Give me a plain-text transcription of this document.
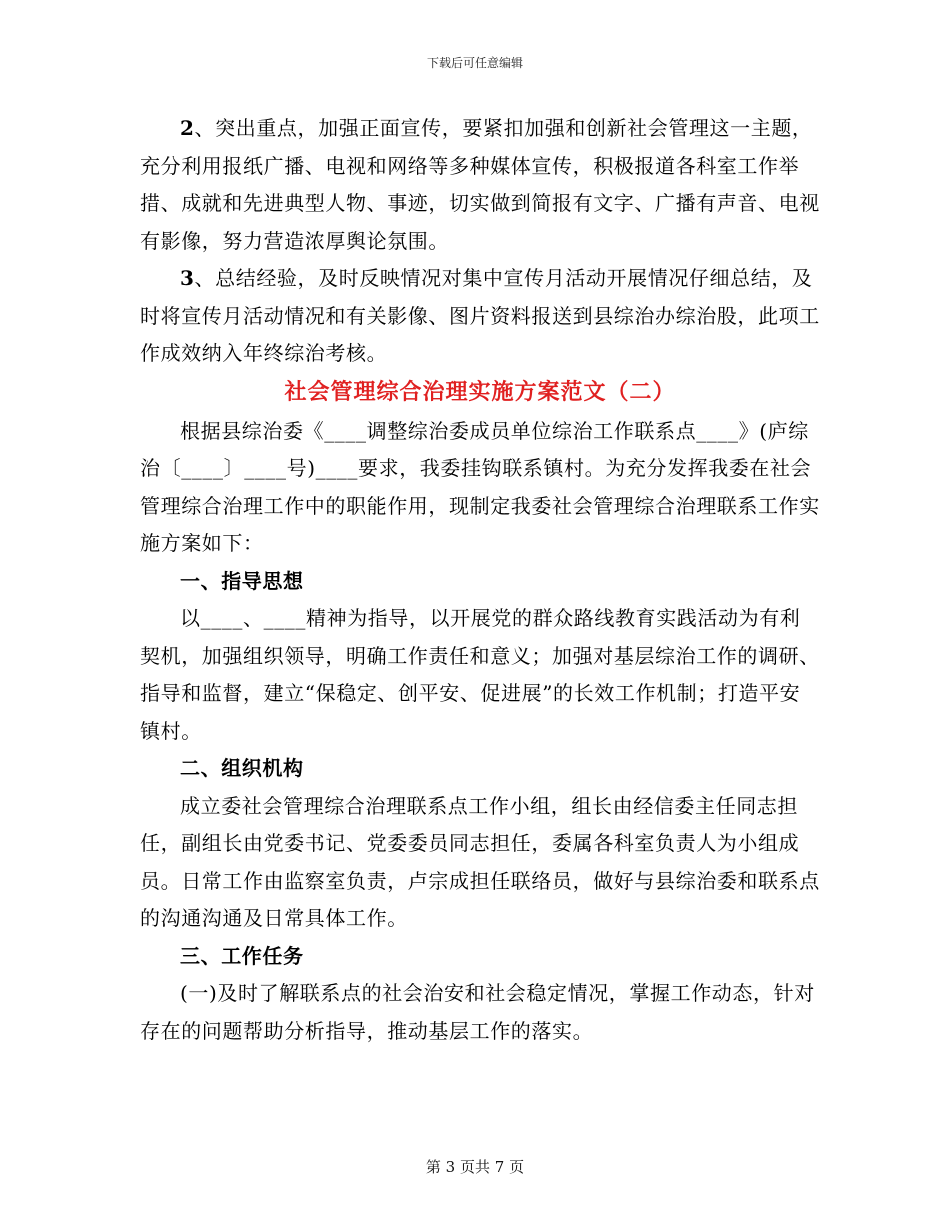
下载后可任意编辑

2、突出重点，加强正面宣传，要紧扣加强和创新社会管理这一主题，充分利用报纸广播、电视和网络等多种媒体宣传，积极报道各科室工作举措、成就和先进典型人物、事迹，切实做到简报有文字、广播有声音、电视有影像，努力营造浓厚舆论氛围。

3、总结经验，及时反映情况对集中宣传月活动开展情况仔细总结，及时将宣传月活动情况和有关影像、图片资料报送到县综治办综治股，此项工作成效纳入年终综治考核。

社会管理综合治理实施方案范文（二）

根据县综治委《____调整综治委成员单位综治工作联系点____》(庐综治〔____〕____号)____要求，我委挂钩联系镇村。为充分发挥我委在社会管理综合治理工作中的职能作用，现制定我委社会管理综合治理联系工作实施方案如下：

一、指导思想

以____、____精神为指导，以开展党的群众路线教育实践活动为有利契机，加强组织领导，明确工作责任和意义；加强对基层综治工作的调研、指导和监督，建立“保稳定、创平安、促进展”的长效工作机制；打造平安镇村。

二、组织机构

成立委社会管理综合治理联系点工作小组，组长由经信委主任同志担任，副组长由党委书记、党委委员同志担任，委属各科室负责人为小组成员。日常工作由监察室负责，卢宗成担任联络员，做好与县综治委和联系点的沟通沟通及日常具体工作。

三、工作任务

(一)及时了解联系点的社会治安和社会稳定情况，掌握工作动态，针对存在的问题帮助分析指导，推动基层工作的落实。

第 3 页共 7 页
